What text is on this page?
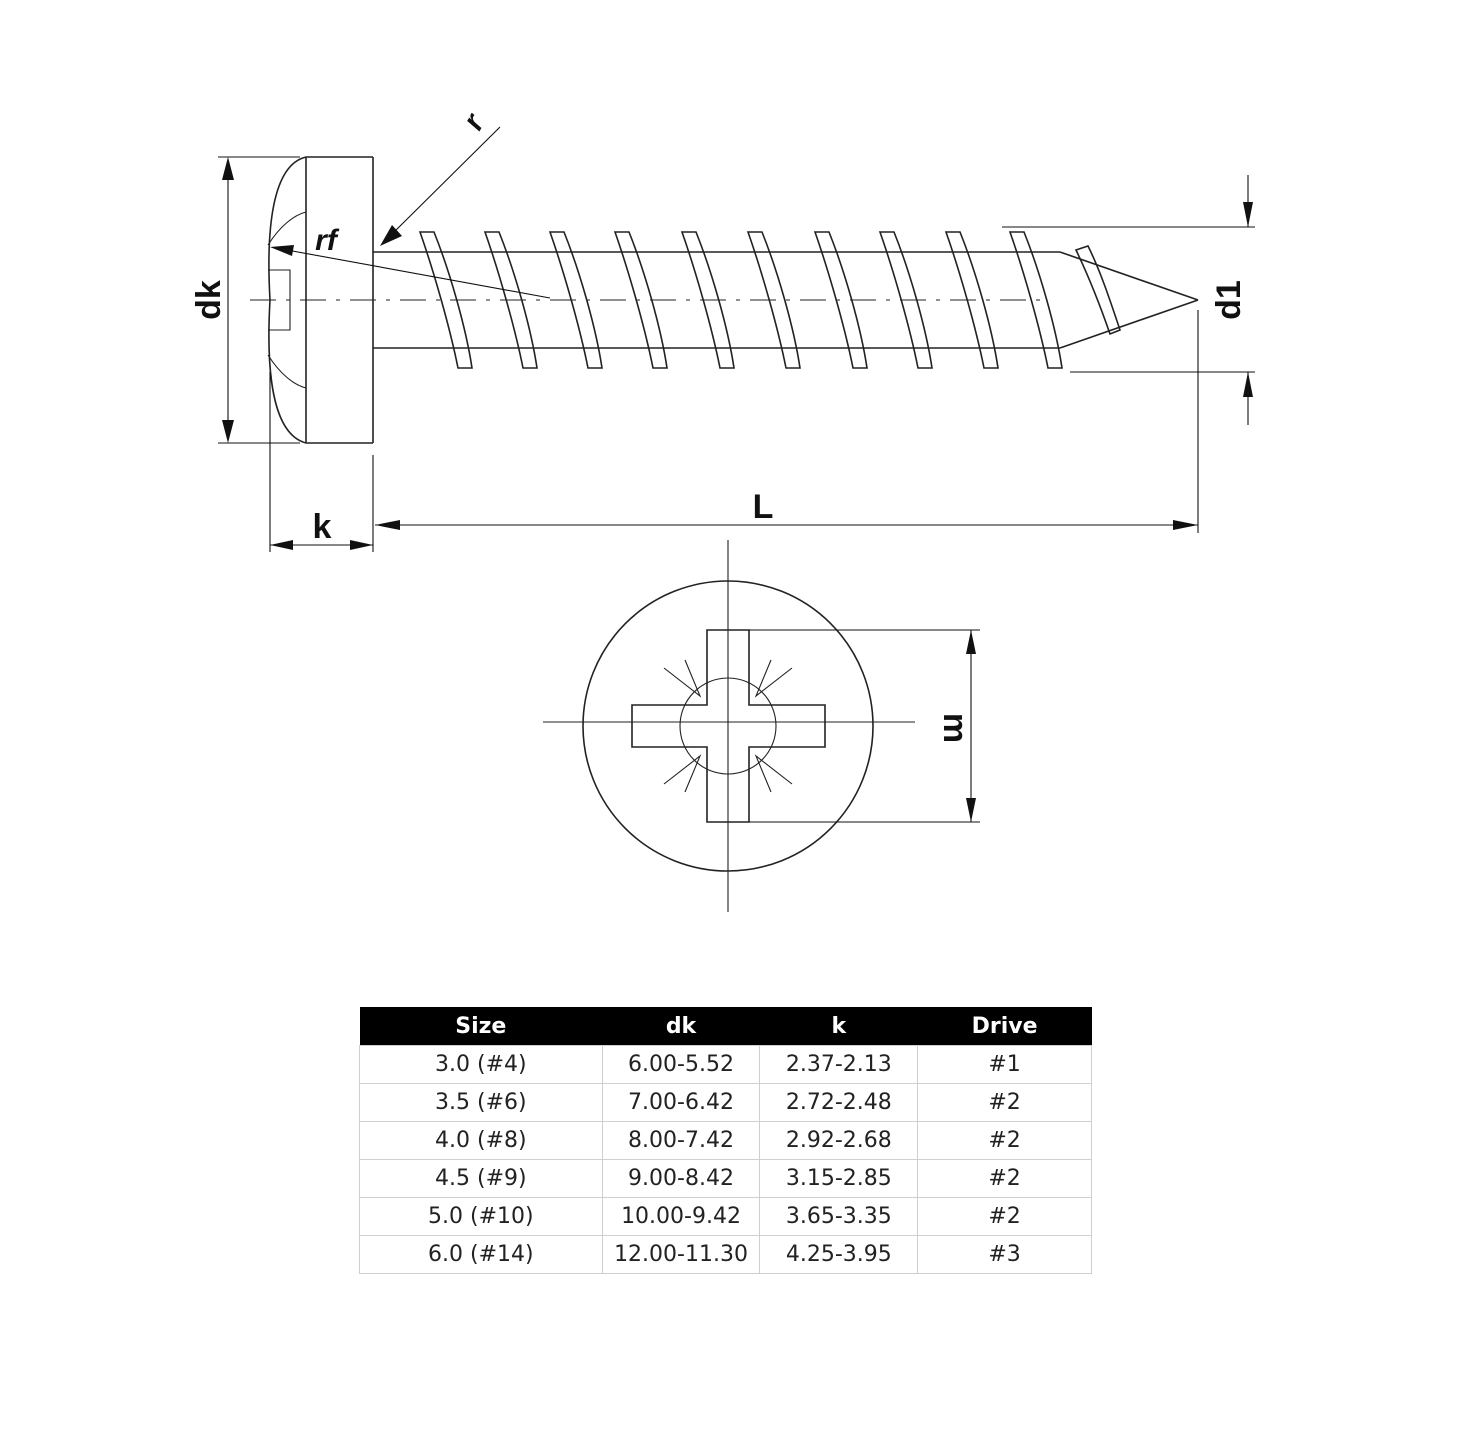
dk
k
L
d1
r
rf
m
Size	dk	k	Drive
3.0 (#4)	6.00-5.52	2.37-2.13	#1
3.5 (#6)	7.00-6.42	2.72-2.48	#2
4.0 (#8)	8.00-7.42	2.92-2.68	#2
4.5 (#9)	9.00-8.42	3.15-2.85	#2
5.0 (#10)	10.00-9.42	3.65-3.35	#2
6.0 (#14)	12.00-11.30	4.25-3.95	#3
